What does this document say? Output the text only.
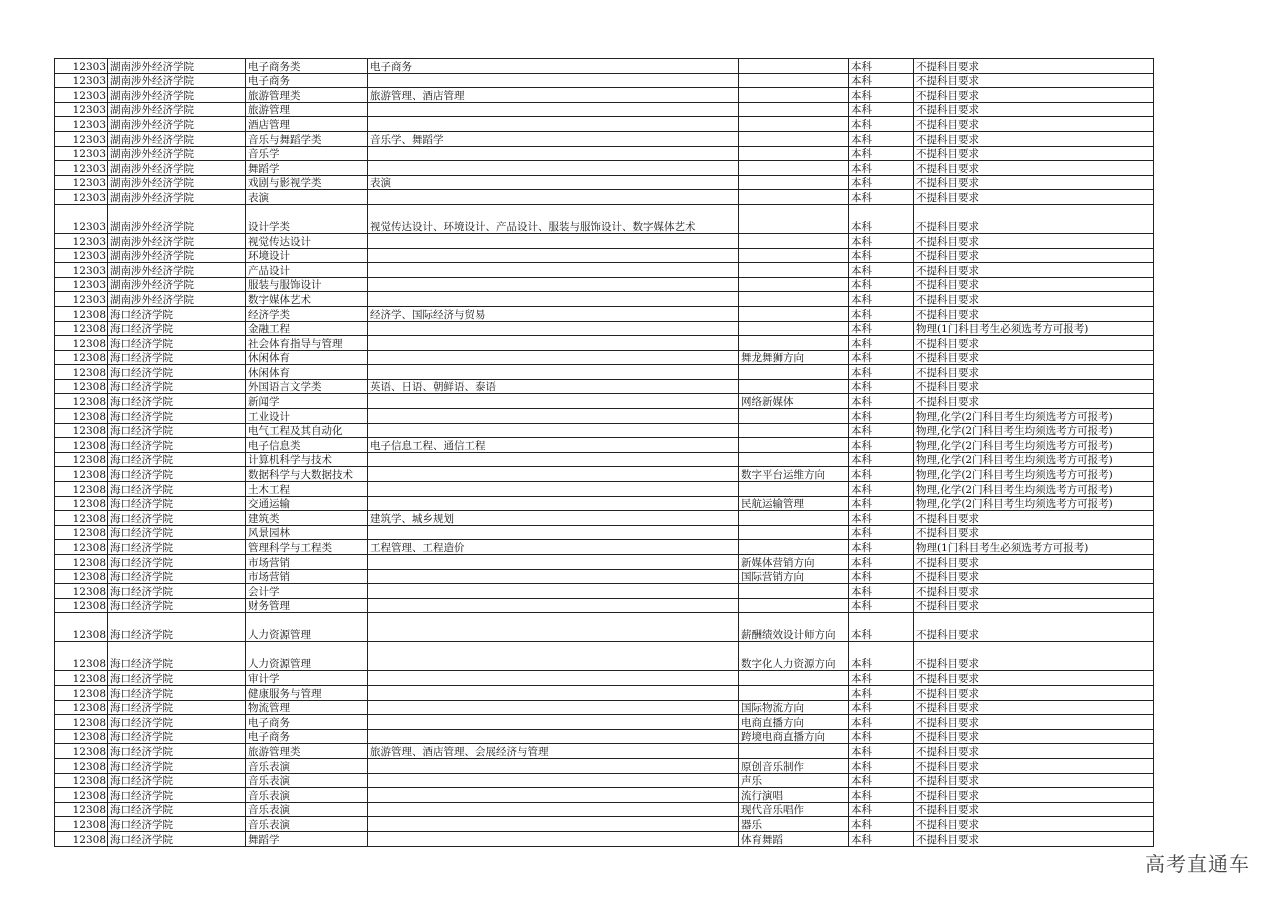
12303	湖南涉外经济学院	电子商务类	电子商务		本科	不提科目要求
12303	湖南涉外经济学院	电子商务			本科	不提科目要求
12303	湖南涉外经济学院	旅游管理类	旅游管理、酒店管理		本科	不提科目要求
12303	湖南涉外经济学院	旅游管理			本科	不提科目要求
12303	湖南涉外经济学院	酒店管理			本科	不提科目要求
12303	湖南涉外经济学院	音乐与舞蹈学类	音乐学、舞蹈学		本科	不提科目要求
12303	湖南涉外经济学院	音乐学			本科	不提科目要求
12303	湖南涉外经济学院	舞蹈学			本科	不提科目要求
12303	湖南涉外经济学院	戏剧与影视学类	表演		本科	不提科目要求
12303	湖南涉外经济学院	表演			本科	不提科目要求
12303	湖南涉外经济学院	设计学类	视觉传达设计、环境设计、产品设计、服装与服饰设计、数字媒体艺术		本科	不提科目要求
12303	湖南涉外经济学院	视觉传达设计			本科	不提科目要求
12303	湖南涉外经济学院	环境设计			本科	不提科目要求
12303	湖南涉外经济学院	产品设计			本科	不提科目要求
12303	湖南涉外经济学院	服装与服饰设计			本科	不提科目要求
12303	湖南涉外经济学院	数字媒体艺术			本科	不提科目要求
12308	海口经济学院	经济学类	经济学、国际经济与贸易		本科	不提科目要求
12308	海口经济学院	金融工程			本科	物理(1门科目考生必须选考方可报考)
12308	海口经济学院	社会体育指导与管理			本科	不提科目要求
12308	海口经济学院	休闲体育		舞龙舞狮方向	本科	不提科目要求
12308	海口经济学院	休闲体育			本科	不提科目要求
12308	海口经济学院	外国语言文学类	英语、日语、朝鲜语、泰语		本科	不提科目要求
12308	海口经济学院	新闻学		网络新媒体	本科	不提科目要求
12308	海口经济学院	工业设计			本科	物理,化学(2门科目考生均须选考方可报考)
12308	海口经济学院	电气工程及其自动化			本科	物理,化学(2门科目考生均须选考方可报考)
12308	海口经济学院	电子信息类	电子信息工程、通信工程		本科	物理,化学(2门科目考生均须选考方可报考)
12308	海口经济学院	计算机科学与技术			本科	物理,化学(2门科目考生均须选考方可报考)
12308	海口经济学院	数据科学与大数据技术		数字平台运维方向	本科	物理,化学(2门科目考生均须选考方可报考)
12308	海口经济学院	土木工程			本科	物理,化学(2门科目考生均须选考方可报考)
12308	海口经济学院	交通运输		民航运输管理	本科	物理,化学(2门科目考生均须选考方可报考)
12308	海口经济学院	建筑类	建筑学、城乡规划		本科	不提科目要求
12308	海口经济学院	风景园林			本科	不提科目要求
12308	海口经济学院	管理科学与工程类	工程管理、工程造价		本科	物理(1门科目考生必须选考方可报考)
12308	海口经济学院	市场营销		新媒体营销方向	本科	不提科目要求
12308	海口经济学院	市场营销		国际营销方向	本科	不提科目要求
12308	海口经济学院	会计学			本科	不提科目要求
12308	海口经济学院	财务管理			本科	不提科目要求
12308	海口经济学院	人力资源管理		薪酬绩效设计师方向	本科	不提科目要求
12308	海口经济学院	人力资源管理		数字化人力资源方向	本科	不提科目要求
12308	海口经济学院	审计学			本科	不提科目要求
12308	海口经济学院	健康服务与管理			本科	不提科目要求
12308	海口经济学院	物流管理		国际物流方向	本科	不提科目要求
12308	海口经济学院	电子商务		电商直播方向	本科	不提科目要求
12308	海口经济学院	电子商务		跨境电商直播方向	本科	不提科目要求
12308	海口经济学院	旅游管理类	旅游管理、酒店管理、会展经济与管理		本科	不提科目要求
12308	海口经济学院	音乐表演		原创音乐制作	本科	不提科目要求
12308	海口经济学院	音乐表演		声乐	本科	不提科目要求
12308	海口经济学院	音乐表演		流行演唱	本科	不提科目要求
12308	海口经济学院	音乐表演		现代音乐唱作	本科	不提科目要求
12308	海口经济学院	音乐表演		器乐	本科	不提科目要求
12308	海口经济学院	舞蹈学		体育舞蹈	本科	不提科目要求
高考直通车
